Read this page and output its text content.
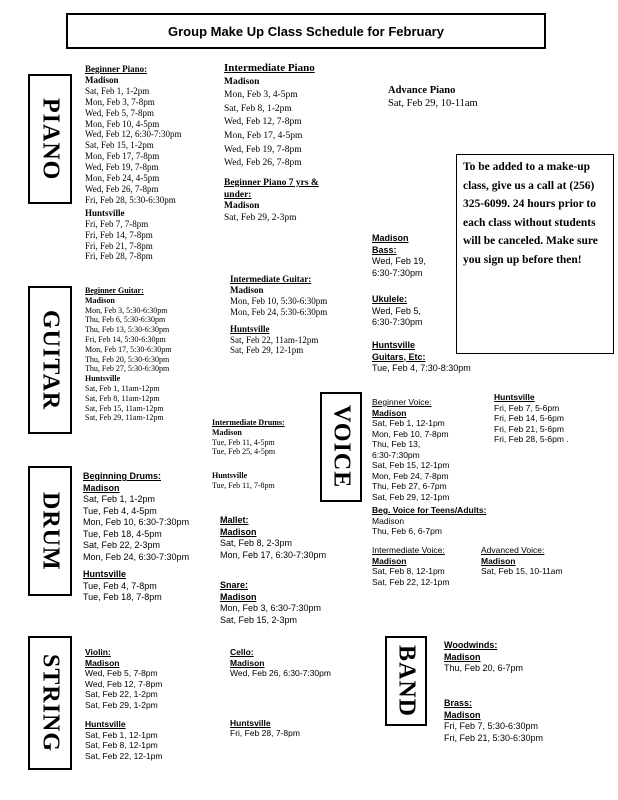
Group Make Up Class Schedule for February
PIANO
GUITAR
DRUM
STRING
VOICE
BAND
To be added to a make-up class, give us a call at (256) 325-6099. 24 hours prior to each class without students will be canceled. Make sure you sign up before then!
Beginner Piano:
Madison
Sat, Feb 1, 1-2pm
Mon, Feb 3, 7-8pm
Wed, Feb 5, 7-8pm
Mon, Feb 10, 4-5pm
Wed, Feb 12, 6:30-7:30pm
Sat, Feb 15, 1-2pm
Mon, Feb 17, 7-8pm
Wed, Feb 19, 7-8pm
Mon, Feb 24, 4-5pm
Wed, Feb 26, 7-8pm
Fri, Feb 28, 5:30-6:30pm
Huntsville
Fri, Feb 7, 7-8pm
Fri, Feb 14, 7-8pm
Fri, Feb 21, 7-8pm
Fri, Feb 28, 7-8pm
Intermediate Piano
Madison
Mon, Feb 3, 4-5pm
Sat, Feb 8, 1-2pm
Wed, Feb 12, 7-8pm
Mon, Feb 17, 4-5pm
Wed, Feb 19, 7-8pm
Wed, Feb 26, 7-8pm
Beginner Piano 7 yrs & under:
Madison
Sat, Feb 29, 2-3pm
Advance Piano
Sat, Feb 29, 10-11am
Beginner Guitar:
Madison
Mon, Feb 3, 5:30-6:30pm
Thu, Feb 6, 5:30-6:30pm
Thu, Feb 13, 5:30-6:30pm
Fri, Feb 14, 5:30-6:30pm
Mon, Feb 17, 5:30-6:30pm
Thu, Feb 20, 5:30-6:30pm
Thu, Feb 27, 5:30-6:30pm
Huntsville
Sat, Feb 1, 11am-12pm
Sat, Feb 8, 11am-12pm
Sat, Feb 15, 11am-12pm
Sat, Feb 29, 11am-12pm
Intermediate Guitar:
Madison
Mon, Feb 10, 5:30-6:30pm
Mon, Feb 24, 5:30-6:30pm
Huntsville
Sat, Feb 22, 11am-12pm
Sat, Feb 29, 12-1pm
Madison
Bass:
Wed, Feb 19,
6:30-7:30pm
Ukulele:
Wed, Feb 5,
6:30-7:30pm
Huntsville
Guitars, Etc:
Tue, Feb 4, 7:30-8:30pm
Beginning Drums:
Madison
Sat, Feb 1, 1-2pm
Tue, Feb 4, 4-5pm
Mon, Feb 10, 6:30-7:30pm
Tue, Feb 18, 4-5pm
Sat, Feb 22, 2-3pm
Mon, Feb 24, 6:30-7:30pm
Huntsville
Tue, Feb 4, 7-8pm
Tue, Feb 18, 7-8pm
Intermediate Drums:
Madison
Tue, Feb 11, 4-5pm
Tue, Feb 25, 4-5pm
Huntsville
Tue, Feb 11, 7-8pm
Mallet:
Madison
Sat, Feb 8, 2-3pm
Mon, Feb 17, 6:30-7:30pm
Snare:
Madison
Mon, Feb 3, 6:30-7:30pm
Sat, Feb 15, 2-3pm
Beginner Voice:
Madison
Sat, Feb 1, 12-1pm
Mon, Feb 10, 7-8pm
Thu, Feb 13,
6:30-7:30pm
Sat, Feb 15, 12-1pm
Mon, Feb 24, 7-8pm
Thu, Feb 27, 6-7pm
Sat, Feb 29, 12-1pm
Huntsville
Fri, Feb 7, 5-6pm
Fri, Feb 14, 5-6pm
Fri, Feb 21, 5-6pm
Fri, Feb 28, 5-6pm .
Beg. Voice for Teens/Adults:
Madison
Thu, Feb 6, 6-7pm
Intermediate Voice:
Madison
Sat, Feb 8, 12-1pm
Sat, Feb 22, 12-1pm
Advanced Voice:
Madison
Sat, Feb 15, 10-11am
Violin:
Madison
Wed, Feb 5, 7-8pm
Wed, Feb 12, 7-8pm
Sat, Feb 22, 1-2pm
Sat, Feb 29, 1-2pm
Huntsville
Sat, Feb 1, 12-1pm
Sat, Feb 8, 12-1pm
Sat, Feb 22, 12-1pm
Cello:
Madison
Wed, Feb 26, 6:30-7:30pm
Huntsville
Fri, Feb 28, 7-8pm
Woodwinds:
Madison
Thu, Feb 20, 6-7pm
Brass:
Madison
Fri, Feb 7, 5:30-6:30pm
Fri, Feb 21, 5:30-6:30pm
